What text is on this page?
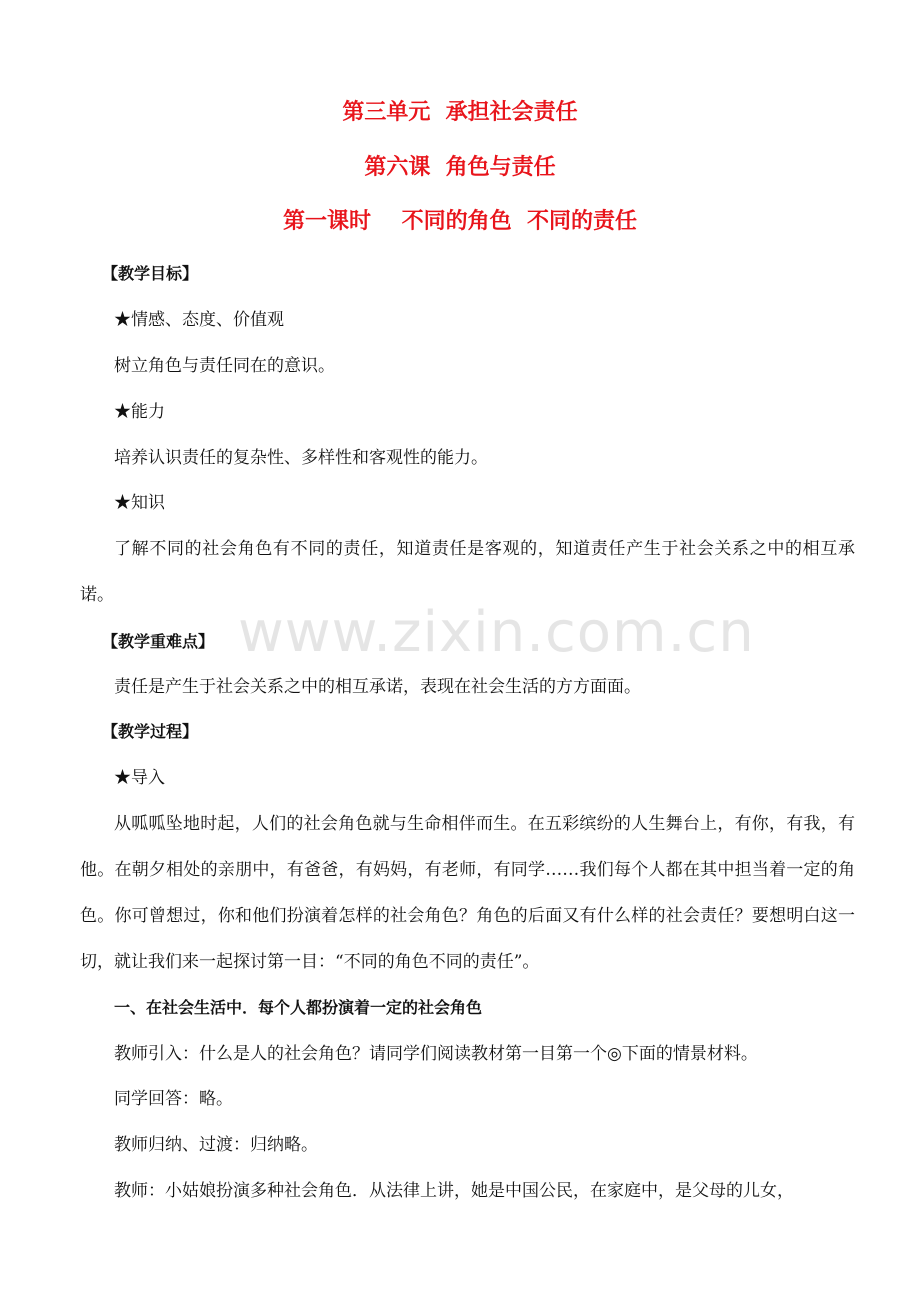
第三单元  承担社会责任
第六课  角色与责任
第一课时    不同的角色  不同的责任
【教学目标】
★情感、态度、价值观
树立角色与责任同在的意识。
★能力
培养认识责任的复杂性、多样性和客观性的能力。
★知识
了解不同的社会角色有不同的责任，知道责任是客观的，知道责任产生于社会关系之中的相互承诺。
【教学重难点】
责任是产生于社会关系之中的相互承诺，表现在社会生活的方方面面。
【教学过程】
★导入
从呱呱坠地时起，人们的社会角色就与生命相伴而生。在五彩缤纷的人生舞台上，有你，有我，有他。在朝夕相处的亲朋中，有爸爸，有妈妈，有老师，有同学……我们每个人都在其中担当着一定的角色。你可曾想过，你和他们扮演着怎样的社会角色？角色的后面又有什么样的社会责任？要想明白这一切，就让我们来一起探讨第一目：“不同的角色不同的责任”。
一、在社会生活中．每个人都扮演着一定的社会角色
教师引入：什么是人的社会角色？请同学们阅读教材第一目第一个◎下面的情景材料。
同学回答：略。
教师归纳、过渡：归纳略。
教师：小姑娘扮演多种社会角色．从法律上讲，她是中国公民，在家庭中，是父母的儿女，
www.zixin.com.cn
